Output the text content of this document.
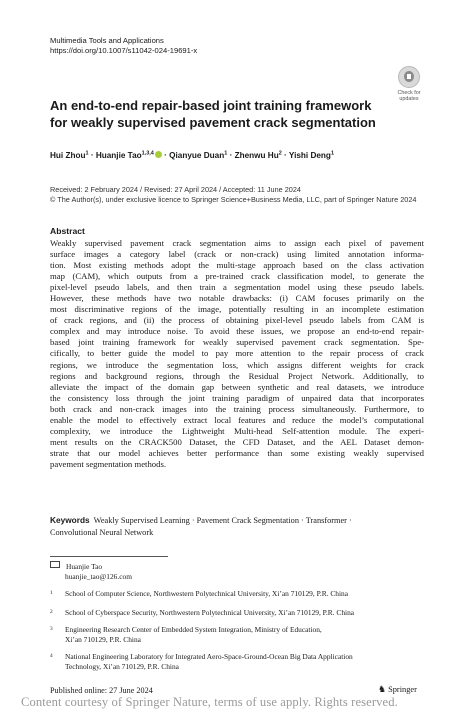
Multimedia Tools and Applications
https://doi.org/10.1007/s11042-024-19691-x
Check for
updates
An end-to-end repair-based joint training framework
for weakly supervised pavement crack segmentation
Hui Zhou$^1$ · Huanjie Tao$^{1,3,4}$ · Qianyue Duan$^1$ · Zhenwu $Hu^2$ · Yishi Deng$^1$
Received: 2 February 2024 / Revised: 27 April 2024 / Accepted: 11 June 2024
© The Author(s), under exclusive licence to Springer Science+Business Media, LLC, part of Springer Nature 2024
Abstract
Weakly supervised pavement crack segmentation aims to assign each pixel of pavement
surface images a category label (crack or non-crack) using limited annotation informa-
tion. Most existing methods adopt the multi-stage approach based on the class activation
map (CAM), which outputs from a pre-trained crack classification model, to generate the
pixel-level pseudo labels, and then train a segmentation model using these pseudo labels.
However, these methods have two notable drawbacks: (i) CAM focuses primarily on the
most discriminative regions of the image, potentially resulting in an incomplete estimation
of crack regions, and (ii) the process of obtaining pixel-level pseudo labels from CAM is
complex and may introduce noise. To avoid these issues, we propose an end-to-end repair-
based joint training framework for weakly supervised pavement crack segmentation. Spe-
cifically, to better guide the model to pay more attention to the repair process of crack
regions, we introduce the segmentation loss, which assigns different weights for crack
regions and background regions, through the Residual Project Network. Additionally, to
alleviate the impact of the domain gap between synthetic and real datasets, we introduce
the consistency loss through the joint training paradigm of unpaired data that incorporates
both crack and non-crack images into the training process simultaneously. Furthermore, to
enable the model to effectively extract local features and reduce the model’s computational
complexity, we introduce the Lightweight Multi-head Self-attention module. The experi-
ment results on the CRACK500 Dataset, the CFD Dataset, and the AEL Dataset demon-
strate that our model achieves better performance than some existing weakly supervised
pavement segmentation methods.
Keywords Weakly Supervised Learning · Pavement Crack Segmentation · Transformer ·
Convolutional Neural Network
Huanjie Tao
huanjie_tao@126.com
1	School of Computer Science, Northwestern Polytechnical University, Xi’an 710129, P.R. China
2	School of Cyberspace Security, Northwestern Polytechnical University, Xi’an 710129, P.R. China
3	Engineering Research Center of Embedded System Integration, Ministry of Education,
Xi’an 710129, P.R. China
4	National Engineering Laboratory for Integrated Aero-Space-Ground-Ocean Big Data Application
Technology, Xi’an 710129, P.R. China
Published online: 27 June 2024	♞ Springer
Content courtesy of Springer Nature, terms of use apply. Rights reserved.
